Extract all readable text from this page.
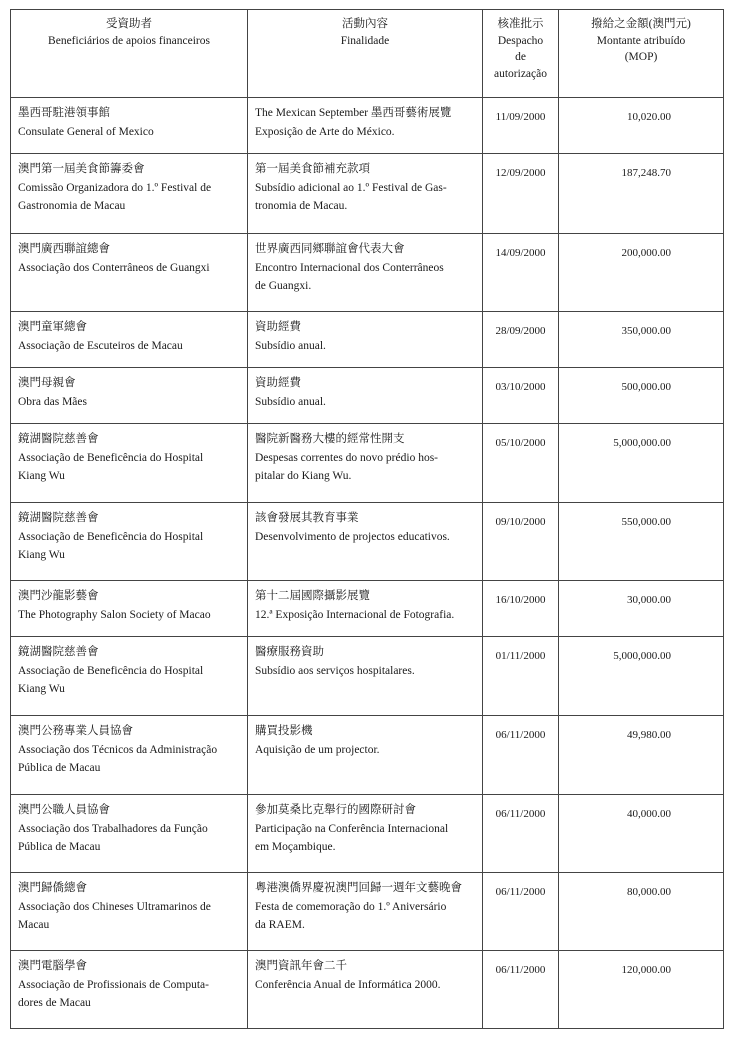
受資助者
Beneficiários de apoios financeiros	活動內容
Finalidade	核准批示
Despacho
de
autorização	撥給之金額(澳門元)
Montante atribuído
(MOP)

墨西哥駐港領事館
Consulate General of Mexico	The Mexican September 墨西哥藝術展覽
Exposição de Arte do México.	11/09/2000	10,020.00

澳門第一屆美食節籌委會
Comissão Organizadora do 1.º Festival de
Gastronomia de Macau	第一屆美食節補充款項
Subsídio adicional ao 1.º Festival de Gas-
tronomia de Macau.	12/09/2000	187,248.70

澳門廣西聯誼總會
Associação dos Conterrâneos de Guangxi	世界廣西同鄉聯誼會代表大會
Encontro Internacional dos Conterrâneos
de Guangxi.	14/09/2000	200,000.00

澳門童軍總會
Associação de Escuteiros de Macau	資助經費
Subsídio anual.	28/09/2000	350,000.00

澳門母親會
Obra das Mães	資助經費
Subsídio anual.	03/10/2000	500,000.00

鏡湖醫院慈善會
Associação de Beneficência do Hospital
Kiang Wu	醫院新醫務大樓的經常性開支
Despesas correntes do novo prédio hos-
pitalar do Kiang Wu.	05/10/2000	5,000,000.00

鏡湖醫院慈善會
Associação de Beneficência do Hospital
Kiang Wu	該會發展其教育事業
Desenvolvimento de projectos educativos.	09/10/2000	550,000.00

澳門沙龍影藝會
The Photography Salon Society of Macao	第十二屆國際攝影展覽
12.ª Exposição Internacional de Fotografia.	16/10/2000	30,000.00

鏡湖醫院慈善會
Associação de Beneficência do Hospital
Kiang Wu	醫療服務資助
Subsídio aos serviços hospitalares.	01/11/2000	5,000,000.00

澳門公務專業人員協會
Associação dos Técnicos da Administração
Pública de Macau	購買投影機
Aquisição de um projector.	06/11/2000	49,980.00

澳門公職人員協會
Associação dos Trabalhadores da Função
Pública de Macau	參加莫桑比克舉行的國際研討會
Participação na Conferência Internacional
em Moçambique.	06/11/2000	40,000.00

澳門歸僑總會
Associação dos Chineses Ultramarinos de
Macau	粵港澳僑界慶祝澳門回歸一週年文藝晚會
Festa de comemoração do 1.º Aniversário
da RAEM.	06/11/2000	80,000.00

澳門電腦學會
Associação de Profissionais de Computa-
dores de Macau	澳門資訊年會二千
Conferência Anual de Informática 2000.	06/11/2000	120,000.00
